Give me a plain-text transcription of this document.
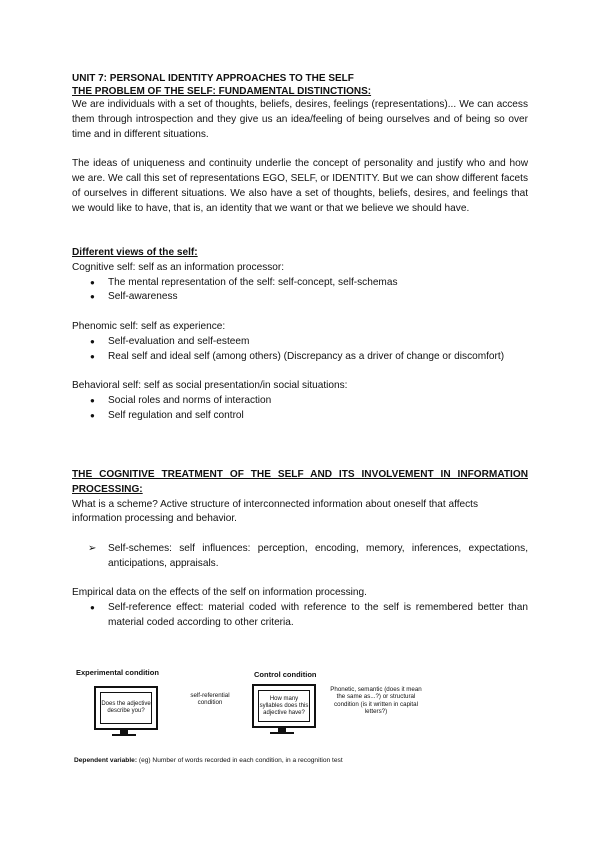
UNIT 7: PERSONAL IDENTITY APPROACHES TO THE SELF

THE PROBLEM OF THE SELF: FUNDAMENTAL DISTINCTIONS:

We are individuals with a set of thoughts, beliefs, desires, feelings (representations)... We can access them through introspection and they give us an idea/feeling of being ourselves and of being so over time and in different situations.

The ideas of uniqueness and continuity underlie the concept of personality and justify who and how we are. We call this set of representations EGO, SELF, or IDENTITY. But we can show different facets of ourselves in different situations. We also have a set of thoughts, beliefs, desires, and feelings that we would like to have, that is, an identity that we want or that we believe we should have.

Different views of the self:

Cognitive self: self as an information processor:

● The mental representation of the self: self-concept, self-schemas
● Self-awareness

Phenomic self: self as experience:

● Self-evaluation and self-esteem
● Real self and ideal self (among others) (Discrepancy as a driver of change or discomfort)

Behavioral self: self as social presentation/in social situations:

● Social roles and norms of interaction
● Self regulation and self control

THE COGNITIVE TREATMENT OF THE SELF AND ITS INVOLVEMENT IN INFORMATION PROCESSING:

What is a scheme? Active structure of interconnected information about oneself that affects information processing and behavior.

➢ Self-schemes: self influences: perception, encoding, memory, inferences, expectations, anticipations, appraisals.

Empirical data on the effects of the self on information processing.

● Self-reference effect: material coded with reference to the self is remembered better than material coded according to other criteria.
Experimental condition	Control condition
Does the adjective describe you?
self-referential condition
How many syllables does this adjective have?
Phonetic, semantic (does it mean the same as...?) or structural condition (is it written in capital letters?)
Dependent variable: (eg) Number of words recorded in each condition, in a recognition test
